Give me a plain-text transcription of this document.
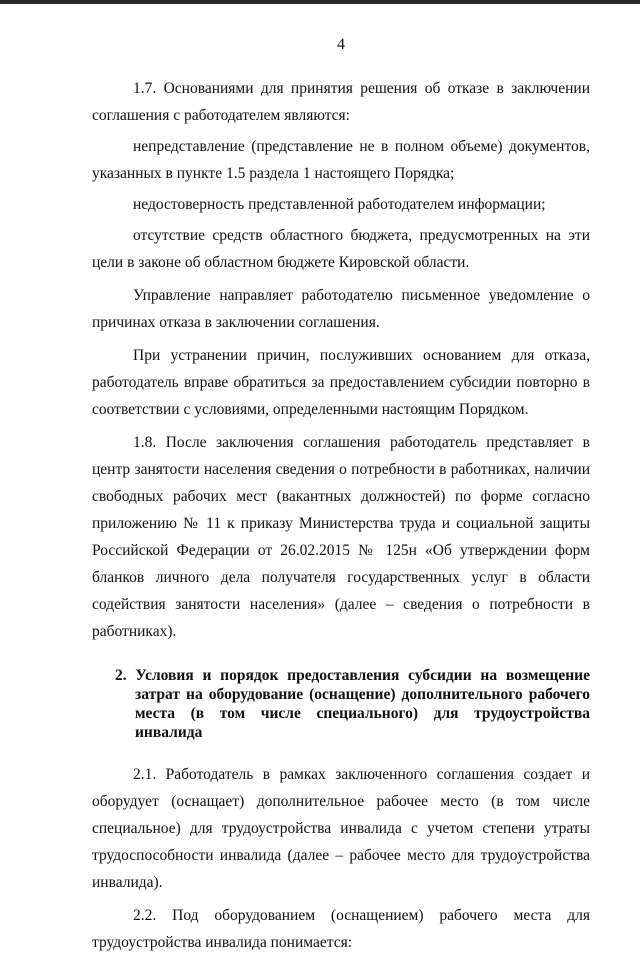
4

1.7. Основаниями для принятия решения об отказе в заключении соглашения с работодателем являются:

непредставление (представление не в полном объеме) документов, указанных в пункте 1.5 раздела 1 настоящего Порядка;

недостоверность представленной работодателем информации;

отсутствие средств областного бюджета, предусмотренных на эти цели в законе об областном бюджете Кировской области.

Управление направляет работодателю письменное уведомление о причинах отказа в заключении соглашения.

При устранении причин, послуживших основанием для отказа, работодатель вправе обратиться за предоставлением субсидии повторно в соответствии с условиями, определенными настоящим Порядком.

1.8. После заключения соглашения работодатель представляет в центр занятости населения сведения о потребности в работниках, наличии свободных рабочих мест (вакантных должностей) по форме согласно приложению № 11 к приказу Министерства труда и социальной защиты Российской Федерации от 26.02.2015 № 125н «Об утверждении форм бланков личного дела получателя государственных услуг в области содействия занятости населения» (далее – сведения о потребности в работниках).

2. Условия и порядок предоставления субсидии на возмещение затрат на оборудование (оснащение) дополнительного рабочего места (в том числе специального) для трудоустройства инвалида

2.1. Работодатель в рамках заключенного соглашения создает и оборудует (оснащает) дополнительное рабочее место (в том числе специальное) для трудоустройства инвалида с учетом степени утраты трудоспособности инвалида (далее – рабочее место для трудоустройства инвалида).

2.2. Под оборудованием (оснащением) рабочего места для трудоустройства инвалида понимается:
